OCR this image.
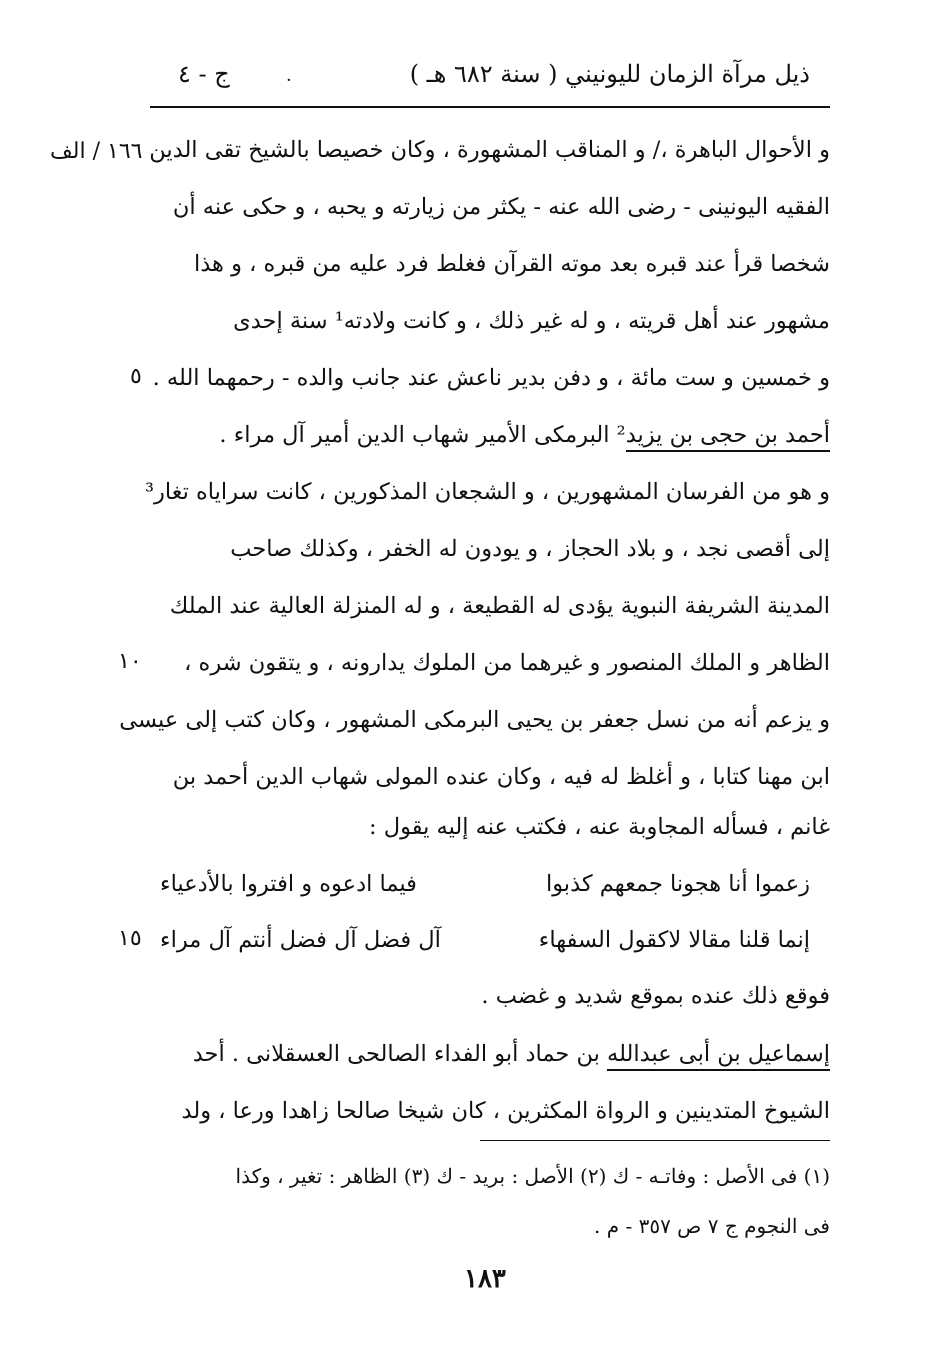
ذيل مرآة الزمان لليونيني ( سنة ٦٨٢ هـ )
·
ج - ٤
١٦٦ / الف و الأحوال الباهرة ،/ و المناقب المشهورة ، وكان خصيصا بالشيخ تقى الدين
الفقيه اليونينى - رضى الله عنه - يكثر من زيارته و يحبه ، و حكى عنه أن
شخصا قرأ عند قبره بعد موته القرآن فغلط فرد عليه من قبره ، و هذا
مشهور عند أهل قريته ، و له غير ذلك ، و كانت ولادته¹ سنة إحدى
و خمسين و ست مائة ، و دفن بدير ناعش عند جانب والده - رحمهما الله .
٥
أحمد بن حجى بن يزيد² البرمكى الأمير شهاب الدين أمير آل مراء .
و هو من الفرسان المشهورين ، و الشجعان المذكورين ، كانت سراياه تغار³
إلى أقصى نجد ، و بلاد الحجاز ، و يودون له الخفر ، وكذلك صاحب
المدينة الشريفة النبوية يؤدى له القطيعة ، و له المنزلة العالية عند الملك
الظاهر و الملك المنصور و غيرهما من الملوك يدارونه ، و يتقون شره ،
١٠
و يزعم أنه من نسل جعفر بن يحيى البرمكى المشهور ، وكان كتب إلى عيسى
ابن مهنا كتابا ، و أغلظ له فيه ، وكان عنده المولى شهاب الدين أحمد بن
غانم ، فسأله المجاوبة عنه ، فكتب عنه إليه يقول :
زعموا أنا هجونا جمعهم كذبوا
فيما ادعوه و افتروا بالأدعياء
إنما قلنا مقالا لاكقول السفهاء
آل فضل آل فضل أنتم آل مراء
١٥
فوقع ذلك عنده بموقع شديد و غضب .
إسماعيل بن أبى عبدالله بن حماد أبو الفداء الصالحى العسقلانى . أحد
الشيوخ المتدينين و الرواة المكثرين ، كان شيخا صالحا زاهدا ورعا ، ولد
(١) فى الأصل : وفاتـه - ك (٢) الأصل : بريد - ك (٣) الظاهر : تغير ، وكذا
فى النجوم ج ٧ ص ٣٥٧ - م .
١٨٣
